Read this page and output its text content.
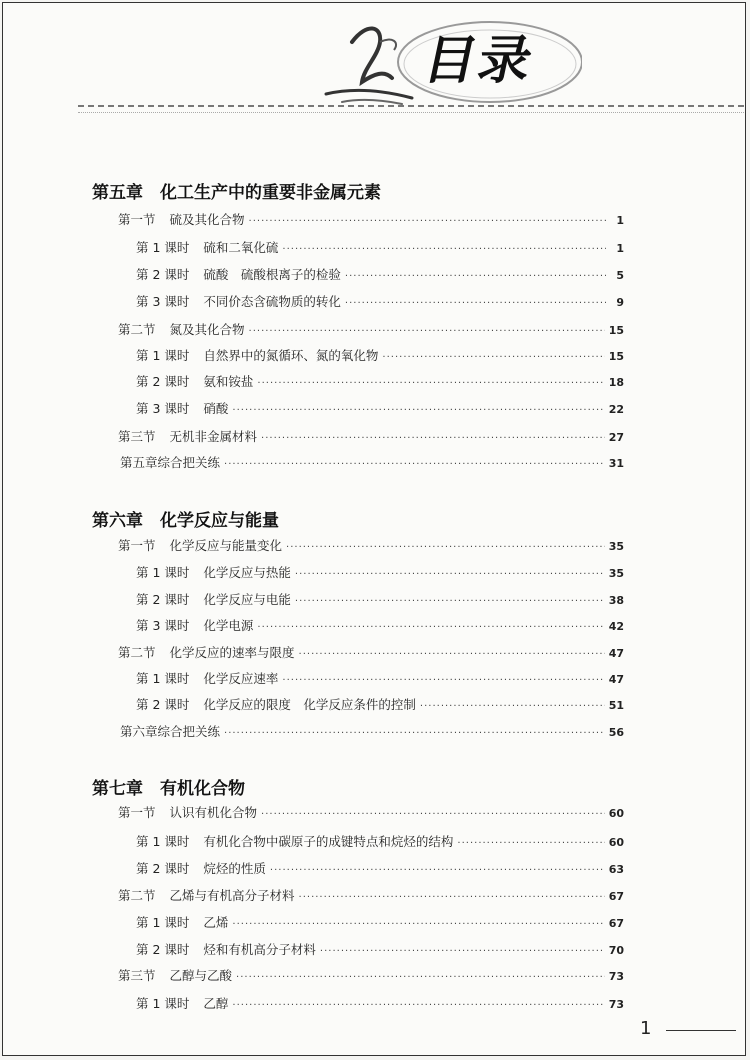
目录
第五章　化工生产中的重要非金属元素
第一节 硫及其化合物 ·····	1
第 1 课时 硫和二氧化硫 ·····	1
第 2 课时 硫酸　硫酸根离子的检验 ·····	5
第 3 课时 不同价态含硫物质的转化 ·····	9
第二节 氮及其化合物 ·····	15
第 1 课时 自然界中的氮循环、氮的氧化物 ·····	15
第 2 课时 氨和铵盐 ·····	18
第 3 课时 硝酸 ·····	22
第三节 无机非金属材料 ·····	27
第五章综合把关练 ·····	31
第六章　化学反应与能量
第一节 化学反应与能量变化 ·····	35
第 1 课时 化学反应与热能 ·····	35
第 2 课时 化学反应与电能 ·····	38
第 3 课时 化学电源 ·····	42
第二节 化学反应的速率与限度 ·····	47
第 1 课时 化学反应速率 ·····	47
第 2 课时 化学反应的限度　化学反应条件的控制 ·····	51
第六章综合把关练 ·····	56
第七章　有机化合物
第一节 认识有机化合物 ·····	60
第 1 课时 有机化合物中碳原子的成键特点和烷烃的结构 ·····	60
第 2 课时 烷烃的性质 ·····	63
第二节 乙烯与有机高分子材料 ·····	67
第 1 课时 乙烯 ·····	67
第 2 课时 烃和有机高分子材料 ·····	70
第三节 乙醇与乙酸 ·····	73
第 1 课时 乙醇 ·····	73
1
